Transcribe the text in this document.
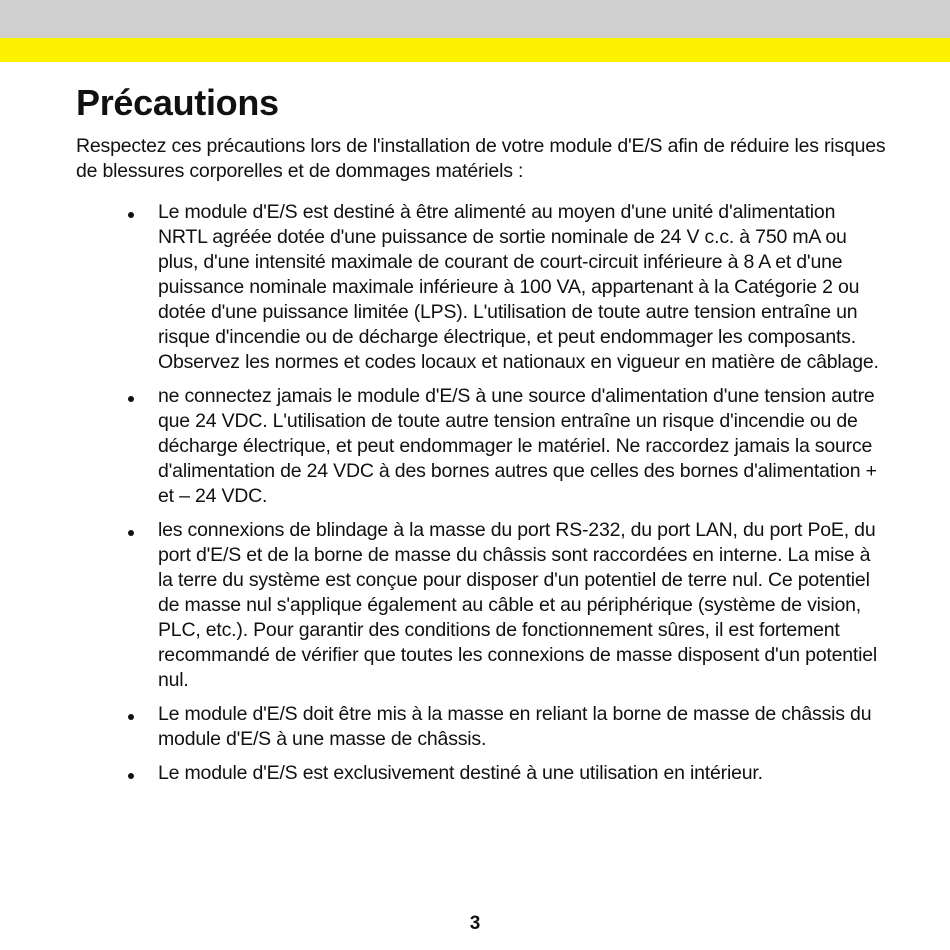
Précautions

Respectez ces précautions lors de l'installation de votre module d'E/S afin de réduire les risques de blessures corporelles et de dommages matériels :

Le module d'E/S est destiné à être alimenté au moyen d'une unité d'alimentation NRTL agréée dotée d'une puissance de sortie nominale de 24 V c.c. à 750 mA ou plus, d'une intensité maximale de courant de court-circuit inférieure à 8 A et d'une puissance nominale maximale inférieure à 100 VA, appartenant à la Catégorie 2 ou dotée d'une puissance limitée (LPS). L'utilisation de toute autre tension entraîne un risque d'incendie ou de décharge électrique, et peut endommager les composants. Observez les normes et codes locaux et nationaux en vigueur en matière de câblage.
ne connectez jamais le module d'E/S à une source d'alimentation d'une tension autre que 24 VDC. L'utilisation de toute autre tension entraîne un risque d'incendie ou de décharge électrique, et peut endommager le matériel. Ne raccordez jamais la source d'alimentation de 24 VDC à des bornes autres que celles des bornes d'alimentation + et – 24 VDC.
les connexions de blindage à la masse du port RS-232, du port LAN, du port PoE, du port d'E/S et de la borne de masse du châssis sont raccordées en interne. La mise à la terre du système est conçue pour disposer d'un potentiel de terre nul. Ce potentiel de masse nul s'applique également au câble et au périphérique (système de vision, PLC, etc.). Pour garantir des conditions de fonctionnement sûres, il est fortement recommandé de vérifier que toutes les connexions de masse disposent d'un potentiel nul.
Le module d'E/S doit être mis à la masse en reliant la borne de masse de châssis du module d'E/S à une masse de châssis.
Le module d'E/S est exclusivement destiné à une utilisation en intérieur.
3
